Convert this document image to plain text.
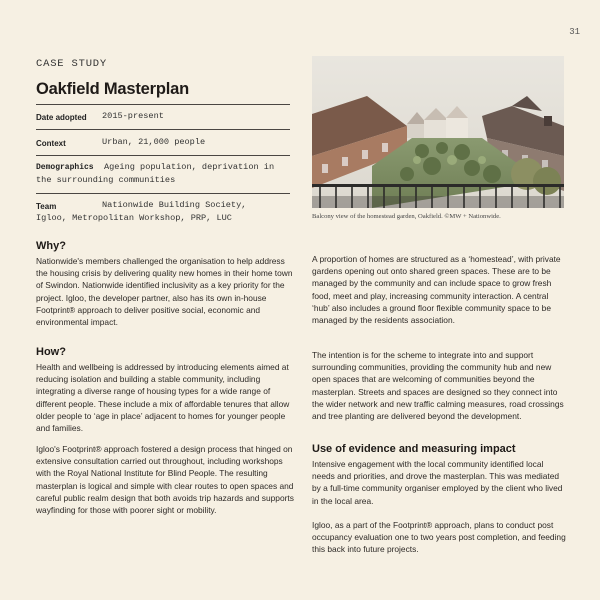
31
CASE STUDY
Oakfield Masterplan
Date adopted 2015-present
Context	Urban, 21,000 people
Demographics Ageing population, deprivation in
the surrounding communities
Team	Nationwide Building Society,
Igloo, Metropolitan Workshop, PRP, LUC	Balcony view of the homestead garden, Oakfield. ©MW + Nationwide.
Why?

Nationwide's members challenged the organisation to help address the housing crisis by delivering quality new homes in their home town of Swindon. Nationwide identified inclusivity as a key priority for the project. Igloo, the developer partner, also has its own in-house Footprint® approach to deliver positive social, economic and environmental impact.

How?

Health and wellbeing is addressed by introducing elements aimed at reducing isolation and building a stable community, including integrating a diverse range of housing types for a wide range of different people. These include a mix of affordable tenures that allow older people to ‘age in place’ adjacent to homes for younger people and families.

Igloo's Footprint® approach fostered a design process that hinged on extensive consultation carried out throughout, including workshops with the Royal National Institute for Blind People. The resulting masterplan is logical and simple with clear routes to open spaces and careful public realm design that both avoids trip hazards and supports wayfinding for those with poorer sight or mobility.

A proportion of homes are structured as a ‘homestead’, with private gardens opening out onto shared green spaces. These are to be managed by the community and can include space to grow fresh food, meet and play, increasing community interaction. A central ‘hub’ also includes a ground floor flexible community space to be managed by the residents association.

The intention is for the scheme to integrate into and support surrounding communities, providing the community hub and new open spaces that are welcoming of communities beyond the masterplan. Streets and spaces are designed so they connect into the wider network and new traffic calming measures, road crossings and tree planting are delivered beyond the development.

Use of evidence and measuring impact

Intensive engagement with the local community identified local needs and priorities, and drove the masterplan. This was mediated by a full-time community organiser employed by the client who lived in the local area.

Igloo, as a part of the Footprint® approach, plans to conduct post occupancy evaluation one to two years post completion, and feeding this back into future projects.
